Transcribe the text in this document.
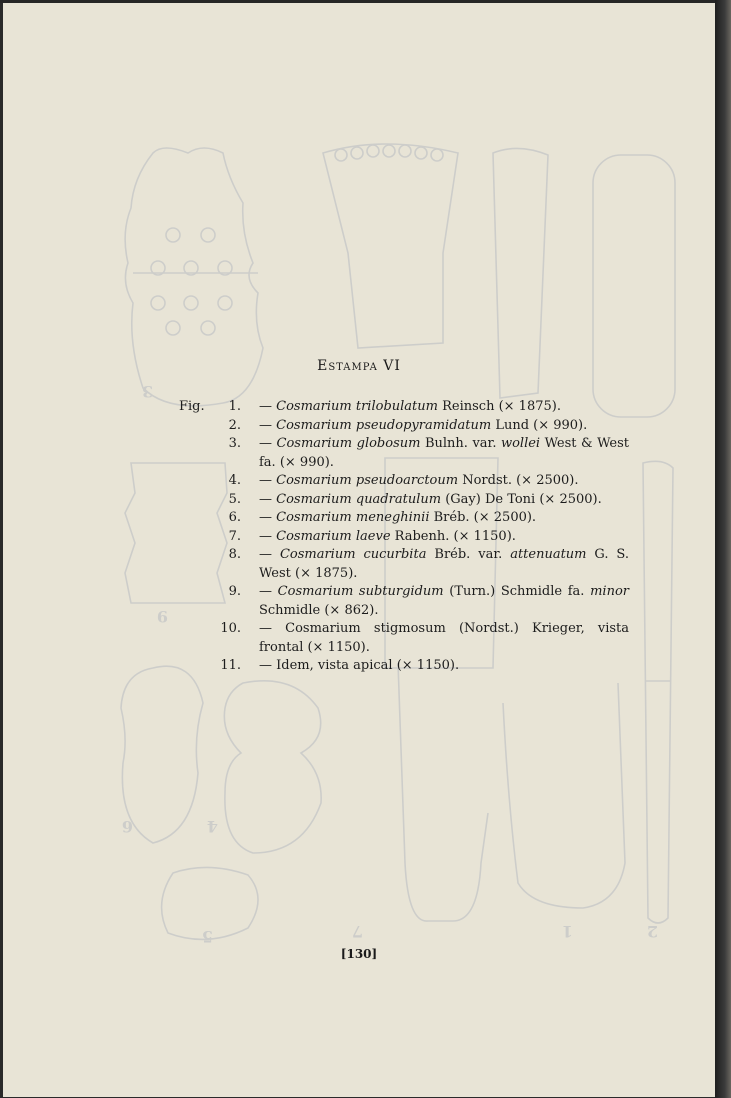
3
9
2
4
6
1
7
5
Estampa VI
Fig.	1. — Cosmarium trilobulatum Reinsch (× 1875).
2. — Cosmarium pseudopyramidatum Lund (× 990).
3. — Cosmarium globosum Bulnh. var. wollei West & West fa. (× 990).
4. — Cosmarium pseudoarctoum Nordst. (× 2500).
5. — Cosmarium quadratulum (Gay) De Toni (× 2500).
6. — Cosmarium meneghinii Bréb. (× 2500).
7. — Cosmarium laeve Rabenh. (× 1150).
8. — Cosmarium cucurbita Bréb. var. attenuatum G. S. West (× 1875).
9. — Cosmarium subturgidum (Turn.) Schmidle fa. minor Schmidle (× 862).
10. — Cosmarium stigmosum (Nordst.) Krieger, vista frontal (× 1150).
11. — Idem, vista apical (× 1150).
[130]
